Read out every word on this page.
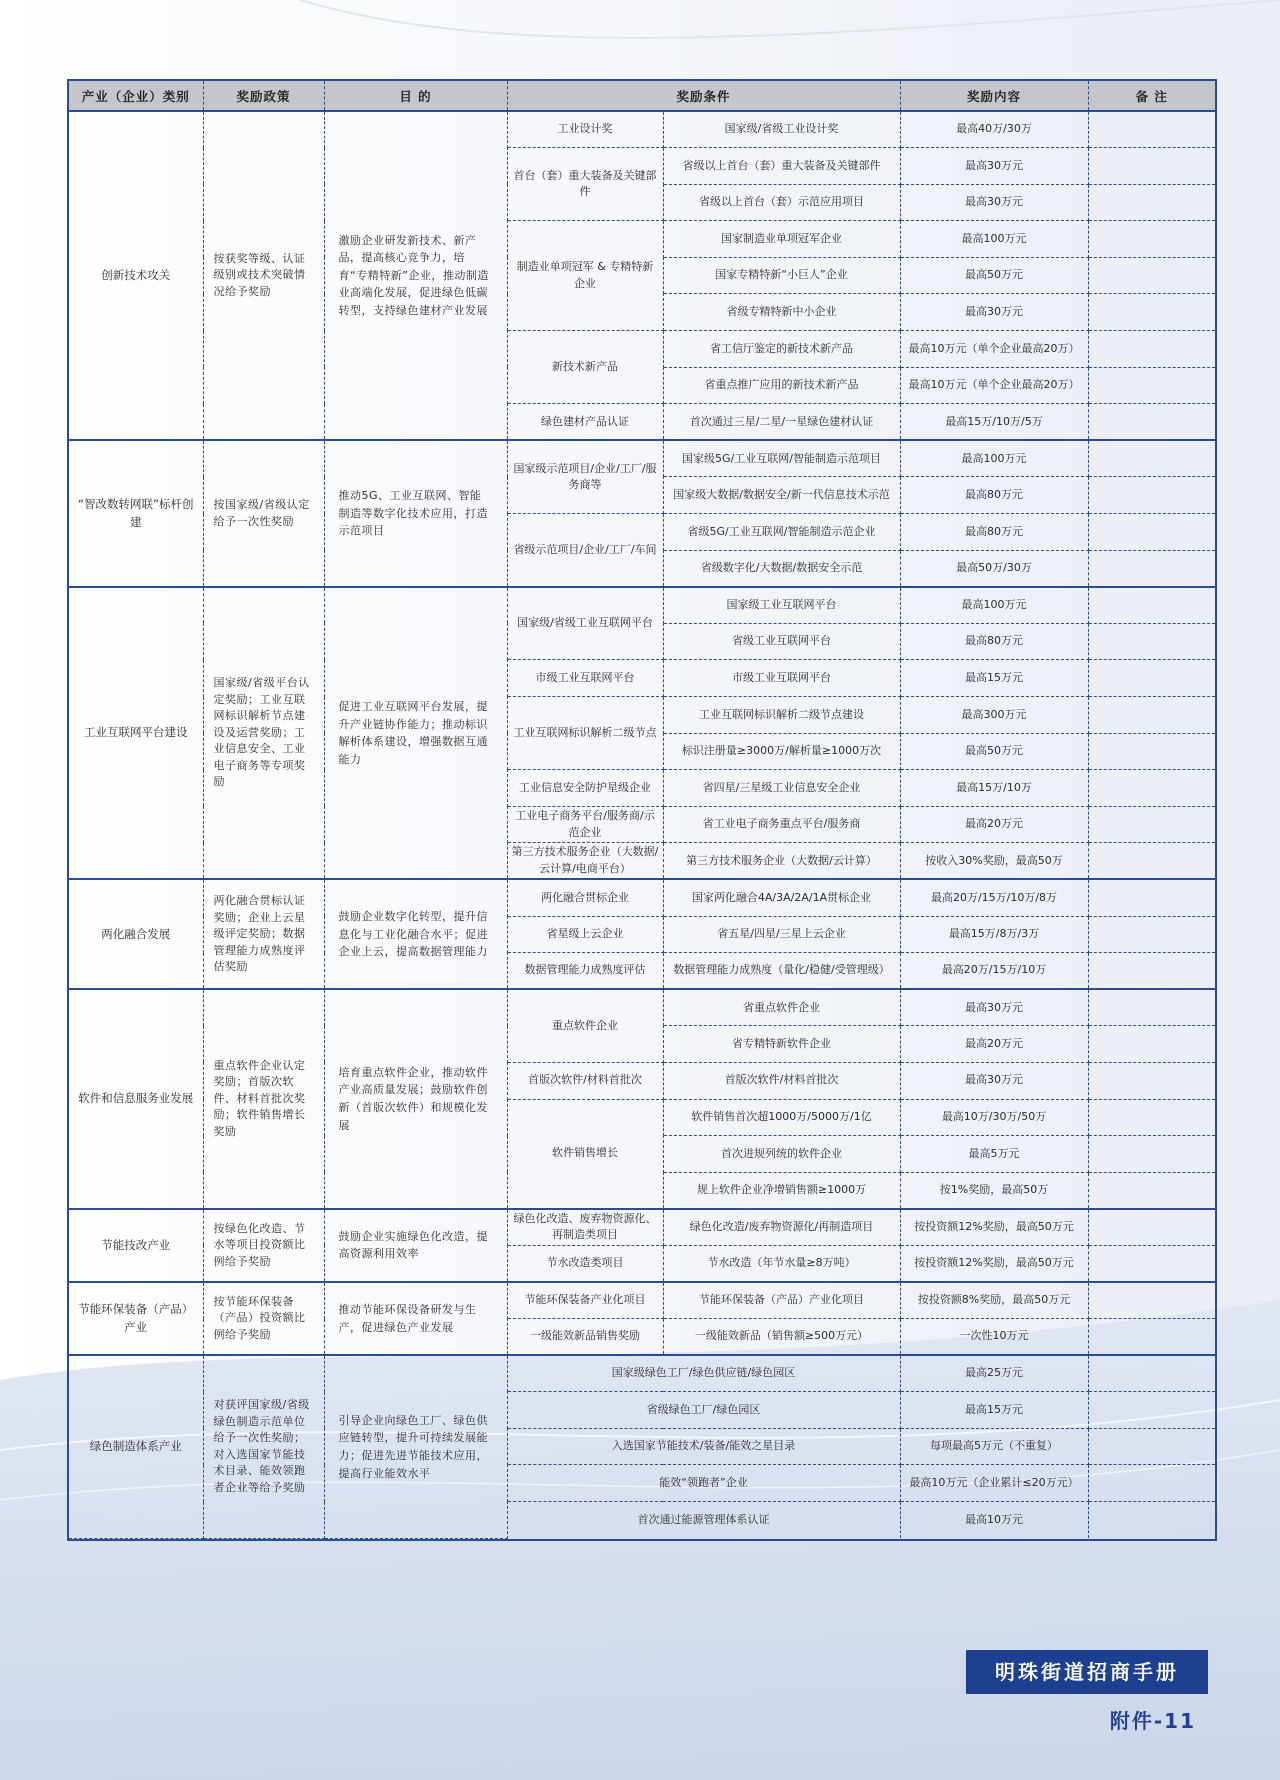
产业（企业）类别	奖励政策	目 的	奖励条件		奖励内容	备 注
创新技术攻关	按获奖等级、认证级别或技术突破情况给予奖励	激励企业研发新技术、新产品，提高核心竞争力，培育“专精特新”企业，推动制造业高端化发展，促进绿色低碳转型，支持绿色建材产业发展	工业设计奖	国家级/省级工业设计奖	最高40万/30万	
			首台（套）重大装备及关键部件	省级以上首台（套）重大装备及关键部件	最高30万元	
				省级以上首台（套）示范应用项目	最高30万元	
			制造业单项冠军 & 专精特新企业	国家制造业单项冠军企业	最高100万元	
				国家专精特新“小巨人”企业	最高50万元	
				省级专精特新中小企业	最高30万元	
			新技术新产品	省工信厅鉴定的新技术新产品	最高10万元（单个企业最高20万）	
				省重点推广应用的新技术新产品	最高10万元（单个企业最高20万）	
			绿色建材产品认证	首次通过三星/二星/一星绿色建材认证	最高15万/10万/5万	
“智改数转网联”标杆创建	按国家级/省级认定给予一次性奖励	推动5G、工业互联网、智能制造等数字化技术应用，打造示范项目	国家级示范项目/企业/工厂/服务商等	国家级5G/工业互联网/智能制造示范项目	最高100万元	
				国家级大数据/数据安全/新一代信息技术示范	最高80万元	
			省级示范项目/企业/工厂/车间	省级5G/工业互联网/智能制造示范企业	最高80万元	
				省级数字化/大数据/数据安全示范	最高50万/30万	
工业互联网平台建设	国家级/省级平台认定奖励；工业互联网标识解析节点建设及运营奖励；工业信息安全、工业电子商务等专项奖励	促进工业互联网平台发展，提升产业链协作能力；推动标识解析体系建设，增强数据互通能力	国家级/省级工业互联网平台	国家级工业互联网平台	最高100万元	
				省级工业互联网平台	最高80万元	
			市级工业互联网平台	市级工业互联网平台	最高15万元	
			工业互联网标识解析二级节点	工业互联网标识解析二级节点建设	最高300万元	
				标识注册量≥3000万/解析量≥1000万次	最高50万元	
			工业信息安全防护星级企业	省四星/三星级工业信息安全企业	最高15万/10万	
			工业电子商务平台/服务商/示范企业	省工业电子商务重点平台/服务商	最高20万元	
			第三方技术服务企业（大数据/云计算/电商平台）	第三方技术服务企业（大数据/云计算）	按收入30%奖励，最高50万	
两化融合发展	两化融合贯标认证奖励；企业上云星级评定奖励；数据管理能力成熟度评估奖励	鼓励企业数字化转型，提升信息化与工业化融合水平；促进企业上云，提高数据管理能力	两化融合贯标企业	国家两化融合4A/3A/2A/1A贯标企业	最高20万/15万/10万/8万	
			省星级上云企业	省五星/四星/三星上云企业	最高15万/8万/3万	
			数据管理能力成熟度评估	数据管理能力成熟度（量化/稳健/受管理级）	最高20万/15万/10万	
软件和信息服务业发展	重点软件企业认定奖励；首版次软件、材料首批次奖励；软件销售增长奖励	培育重点软件企业，推动软件产业高质量发展；鼓励软件创新（首版次软件）和规模化发展	重点软件企业	省重点软件企业	最高30万元	
				省专精特新软件企业	最高20万元	
			首版次软件/材料首批次	首版次软件/材料首批次	最高30万元	
			软件销售增长	软件销售首次超1000万/5000万/1亿	最高10万/30万/50万	
				首次进规列统的软件企业	最高5万元	
				规上软件企业净增销售额≥1000万	按1%奖励，最高50万	
节能技改产业	按绿色化改造、节水等项目投资额比例给予奖励	鼓励企业实施绿色化改造，提高资源利用效率	绿色化改造、废弃物资源化、再制造类项目	绿色化改造/废弃物资源化/再制造项目	按投资额12%奖励，最高50万元	
			节水改造类项目	节水改造（年节水量≥8万吨）	按投资额12%奖励，最高50万元	
节能环保装备（产品）产业	按节能环保装备（产品）投资额比例给予奖励	推动节能环保设备研发与生产，促进绿色产业发展	节能环保装备产业化项目	节能环保装备（产品）产业化项目	按投资额8%奖励，最高50万元	
			一级能效新品销售奖励	一级能效新品（销售额≥500万元）	一次性10万元	
绿色制造体系产业	对获评国家级/省级绿色制造示范单位给予一次性奖励；对入选国家节能技术目录、能效领跑者企业等给予奖励	引导企业向绿色工厂、绿色供应链转型，提升可持续发展能力；促进先进节能技术应用，提高行业能效水平	国家级绿色工厂/绿色供应链/绿色园区		最高25万元	
			省级绿色工厂/绿色园区		最高15万元	
			入选国家节能技术/装备/能效之星目录		每项最高5万元（不重复）	
			能效“领跑者”企业		最高10万元（企业累计≤20万元）	
			首次通过能源管理体系认证		最高10万元	
明珠街道招商手册
附件-11
